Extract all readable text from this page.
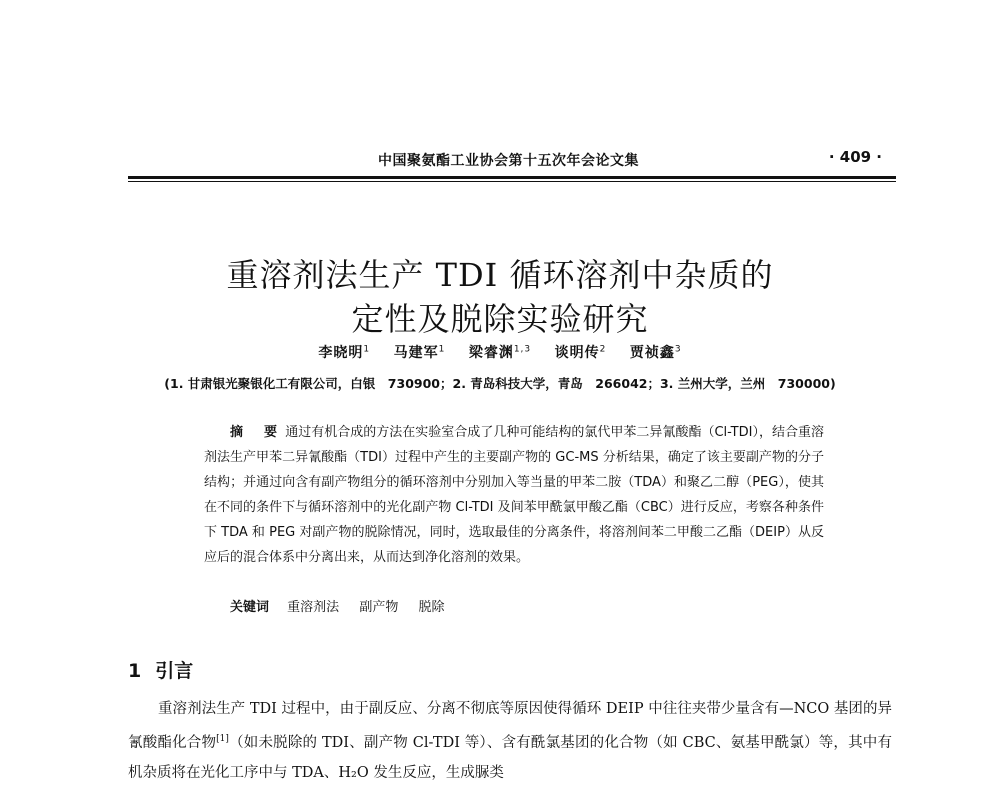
中国聚氨酯工业协会第十五次年会论文集	· 409 ·
重溶剂法生产 TDI 循环溶剂中杂质的
定性及脱除实验研究
李晓明$^1$ 马建军$^1$ 梁睿渊$^{1,3}$ 谈明传$^2$ 贾祯鑫$^3$
(1. 甘肃银光聚银化工有限公司，白银　730900；2. 青岛科技大学，青岛　266042；3. 兰州大学，兰州　730000)
摘　要 通过有机合成的方法在实验室合成了几种可能结构的氯代甲苯二异氰酸酯（Cl-TDI），结合重溶剂法生产甲苯二异氰酸酯（TDI）过程中产生的主要副产物的 GC-MS 分析结果，确定了该主要副产物的分子结构；并通过向含有副产物组分的循环溶剂中分别加入等当量的甲苯二胺（TDA）和聚乙二醇（PEG），使其在不同的条件下与循环溶剂中的光化副产物 Cl-TDI 及间苯甲酰氯甲酸乙酯（CBC）进行反应，考察各种条件下 TDA 和 PEG 对副产物的脱除情况，同时，选取最佳的分离条件，将溶剂间苯二甲酸二乙酯（DEIP）从反应后的混合体系中分离出来，从而达到净化溶剂的效果。
关键词 重溶剂法 副产物 脱除
1 引言
重溶剂法生产 TDI 过程中，由于副反应、分离不彻底等原因使得循环 DEIP 中往往夹带少量含有—NCO 基团的异氰酸酯化合物[1]（如未脱除的 TDI、副产物 Cl-TDI 等）、含有酰氯基团的化合物（如 CBC、氨基甲酰氯）等，其中有机杂质将在光化工序中与 TDA、H₂O 发生反应，生成脲类
